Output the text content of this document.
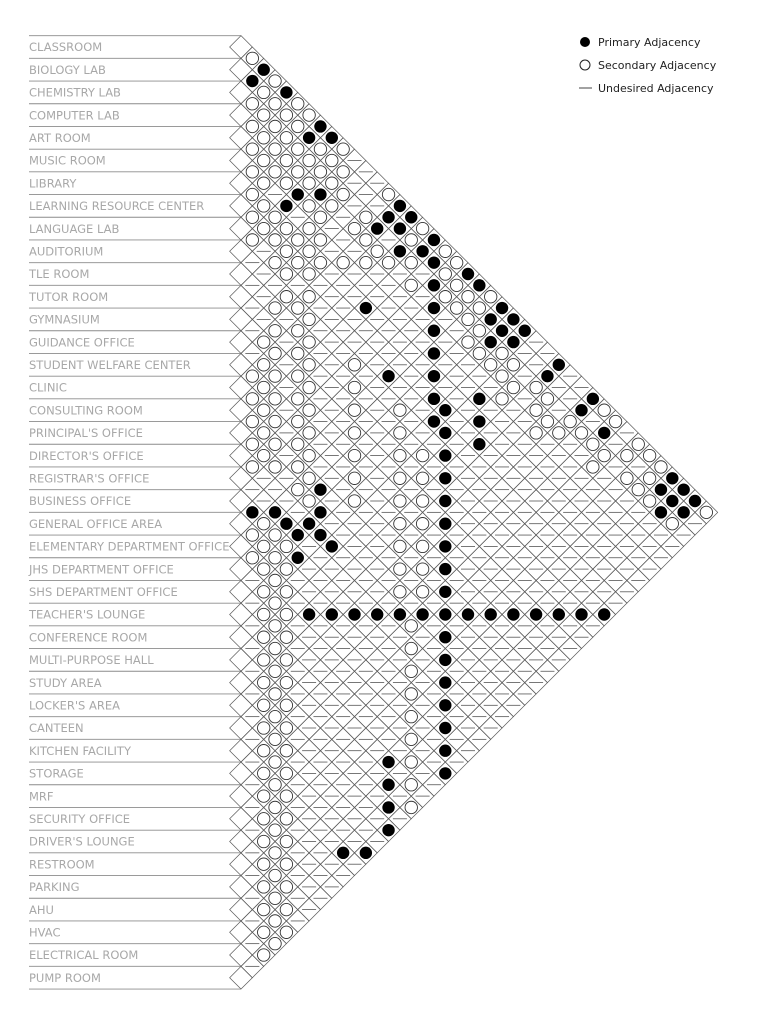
CLASSROOM
BIOLOGY LAB
CHEMISTRY LAB
COMPUTER LAB
ART ROOM
MUSIC ROOM
LIBRARY
LEARNING RESOURCE CENTER
LANGUAGE LAB
AUDITORIUM
TLE ROOM
TUTOR ROOM
GYMNASIUM
GUIDANCE OFFICE
STUDENT WELFARE CENTER
CLINIC
CONSULTING ROOM
PRINCIPAL'S OFFICE
DIRECTOR'S OFFICE
REGISTRAR'S OFFICE
BUSINESS OFFICE
GENERAL OFFICE AREA
ELEMENTARY DEPARTMENT OFFICE
JHS DEPARTMENT OFFICE
SHS DEPARTMENT OFFICE
TEACHER'S LOUNGE
CONFERENCE ROOM
MULTI-PURPOSE HALL
STUDY AREA
LOCKER'S AREA
CANTEEN
KITCHEN FACILITY
STORAGE
MRF
SECURITY OFFICE
DRIVER'S LOUNGE
RESTROOM
PARKING
AHU
HVAC
ELECTRICAL ROOM
PUMP ROOM
Primary Adjacency
Secondary Adjacency
Undesired Adjacency
